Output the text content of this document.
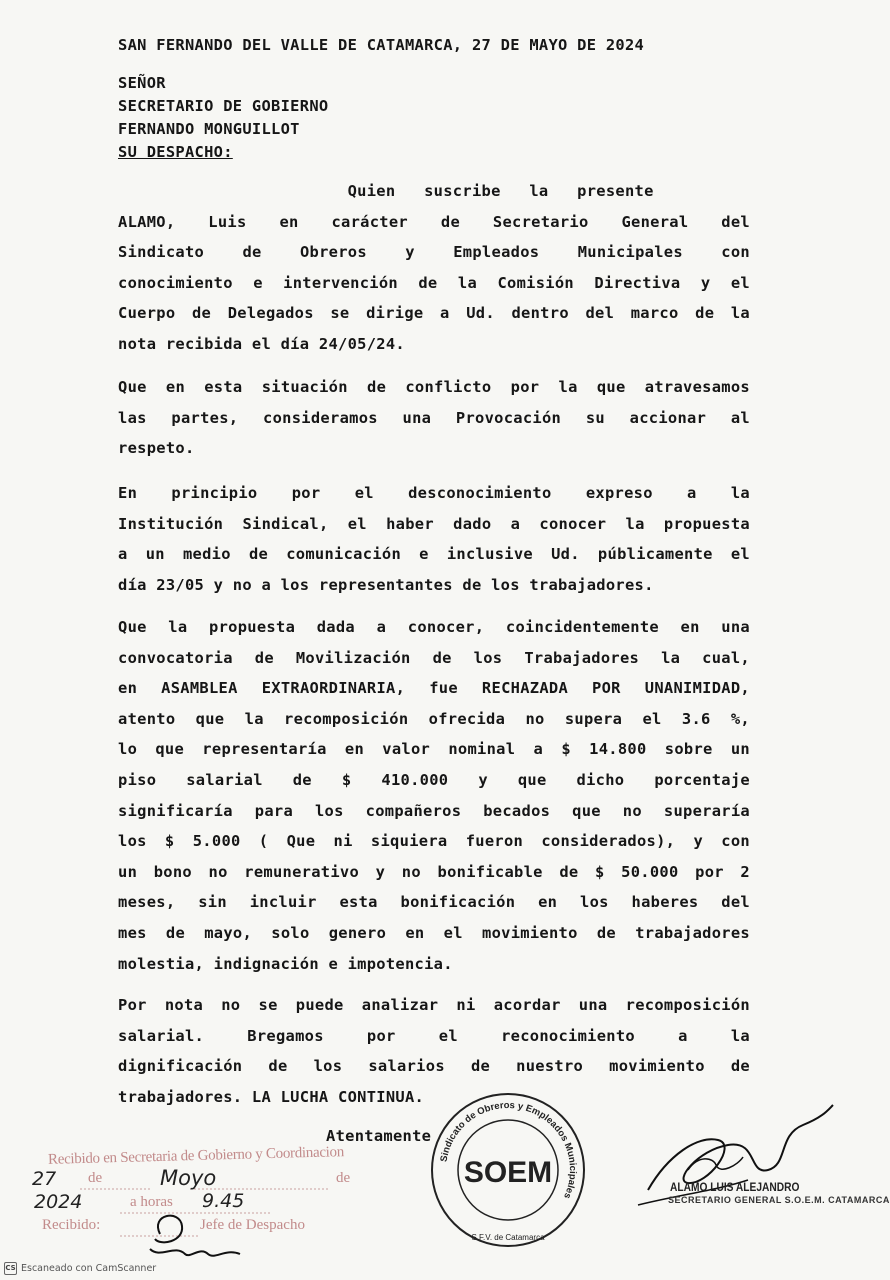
SAN FERNANDO DEL VALLE DE CATAMARCA, 27 DE MAYO DE 2024
SEÑOR
SECRETARIO DE GOBIERNO
FERNANDO MONGUILLOT
SU DESPACHO:
Quien   suscribe   la   presente
ALAMO, Luis en carácter de Secretario General del
Sindicato de Obreros y Empleados Municipales con
conocimiento e intervención de la Comisión Directiva y el
Cuerpo de Delegados se dirige a Ud. dentro del marco de la
nota recibida el día 24/05/24.
Que en esta situación de conflicto por la que atravesamos
las partes, consideramos una Provocación su accionar al
respeto.
En principio por el desconocimiento expreso a la
Institución Sindical, el haber dado a conocer la propuesta
a un medio de comunicación e inclusive Ud. públicamente el
día 23/05 y no a los representantes de los trabajadores.
Que la propuesta dada a conocer, coincidentemente en una
convocatoria de Movilización de los Trabajadores la cual,
en ASAMBLEA EXTRAORDINARIA, fue RECHAZADA POR UNANIMIDAD,
atento que la recomposición ofrecida no supera el 3.6 %,
lo que representaría en valor nominal a $ 14.800 sobre un
piso salarial de $ 410.000 y que dicho porcentaje
significaría para los compañeros becados que no superaría
los $ 5.000 ( Que ni siquiera fueron considerados), y con
un bono no remunerativo y no bonificable de $ 50.000 por 2
meses, sin incluir esta bonificación en los haberes del
mes de mayo, solo genero en el movimiento de trabajadores
molestia, indignación e impotencia.
Por nota no se puede analizar ni acordar una recomposición
salarial. Bregamos por el reconocimiento a la
dignificación de los salarios de nuestro movimiento de
trabajadores. LA LUCHA CONTINUA.
Atentamente
Recibido en Secretaria de Gobierno y Coordinacion
de	de
a horas
Recibido:	Jefe de Despacho
27	Moyo
2024	9.45
Sindicato de Obreros y Empleados Municipales
SOEM
S.F.V. de Catamarca
ALAMO LUIS ALEJANDRO
SECRETARIO GENERAL S.O.E.M. CATAMARCA
CS Escaneado con CamScanner
